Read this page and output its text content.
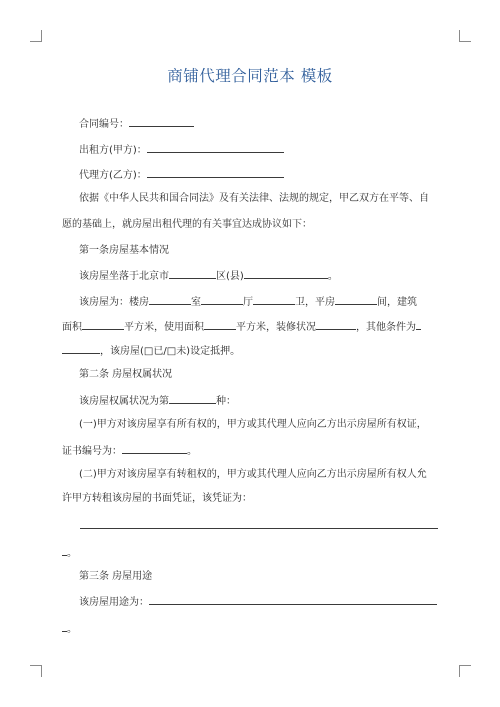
商铺代理合同范本 模板
合同编号：
出租方(甲方)：
代理方(乙方)：
依据《中华人民共和国合同法》及有关法律、法规的规定，甲乙双方在平等、自
愿的基础上，就房屋出租代理的有关事宜达成协议如下：
第一条房屋基本情况
该房屋坐落于北京市	区(县)	。
该房屋为：楼房	室	厅	卫，平房	间，建筑
面积	平方米，使用面积	平方米，装修状况	，其他条件为
，该房屋(□已/□未)设定抵押。
第二条 房屋权属状况
该房屋权属状况为第	种：
(一)甲方对该房屋享有所有权的，甲方或其代理人应向乙方出示房屋所有权证，
证书编号为：	。
(二)甲方对该房屋享有转租权的，甲方或其代理人应向乙方出示房屋所有权人允
许甲方转租该房屋的书面凭证，该凭证为：
。
第三条 房屋用途
该房屋用途为：
。
